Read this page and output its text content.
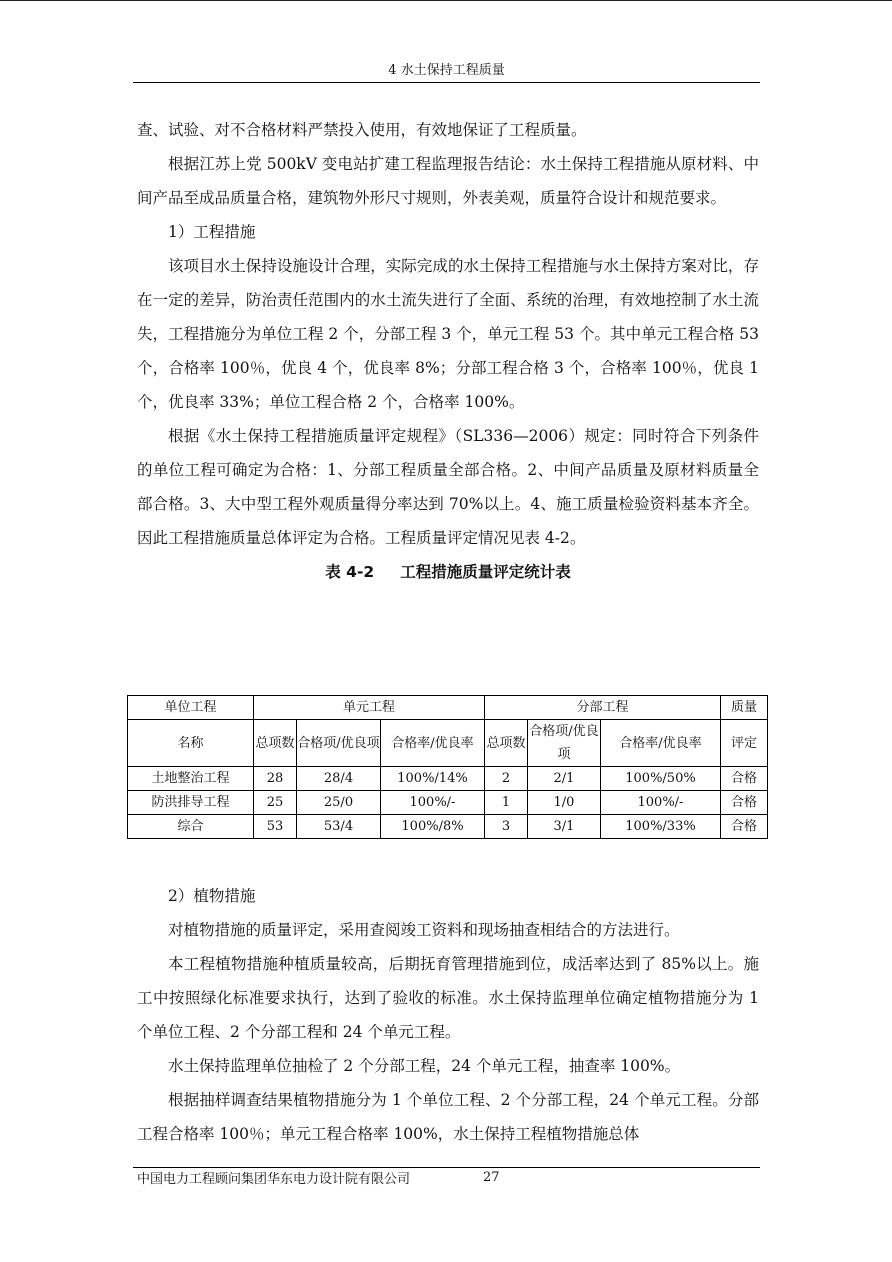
4 水土保持工程质量

查、试验、对不合格材料严禁投入使用，有效地保证了工程质量。

根据江苏上党 500kV 变电站扩建工程监理报告结论：水土保持工程措施从原材料、中间产品至成品质量合格，建筑物外形尺寸规则，外表美观，质量符合设计和规范要求。

1）工程措施

该项目水土保持设施设计合理，实际完成的水土保持工程措施与水土保持方案对比，存在一定的差异，防治责任范围内的水土流失进行了全面、系统的治理，有效地控制了水土流失，工程措施分为单位工程 2 个，分部工程 3 个，单元工程 53 个。其中单元工程合格 53 个，合格率 100％，优良 4 个，优良率 8%；分部工程合格 3 个，合格率 100％，优良 1 个，优良率 33%；单位工程合格 2 个，合格率 100%。

根据《水土保持工程措施质量评定规程》（SL336—2006）规定：同时符合下列条件的单位工程可确定为合格：1、分部工程质量全部合格。2、中间产品质量及原材料质量全部合格。3、大中型工程外观质量得分率达到 70%以上。4、施工质量检验资料基本齐全。因此工程措施质量总体评定为合格。工程质量评定情况见表 4-2。

表 4-2 工程措施质量评定统计表
单位工程	单元工程			分部工程			质量
名称	总项数	合格项/优良项	合格率/优良率	总项数	合格项/优良项	合格率/优良率	评定
土地整治工程	28	28/4	100%/14%	2	2/1	100%/50%	合格
防洪排导工程	25	25/0	100%/-	1	1/0	100%/-	合格
综合	53	53/4	100%/8%	3	3/1	100%/33%	合格

2）植物措施

对植物措施的质量评定，采用查阅竣工资料和现场抽查相结合的方法进行。

本工程植物措施种植质量较高，后期抚育管理措施到位，成活率达到了 85%以上。施工中按照绿化标准要求执行，达到了验收的标准。水土保持监理单位确定植物措施分为 1 个单位工程、2 个分部工程和 24 个单元工程。

水土保持监理单位抽检了 2 个分部工程，24 个单元工程，抽查率 100%。

根据抽样调查结果植物措施分为 1 个单位工程、2 个分部工程，24 个单元工程。分部工程合格率 100％；单元工程合格率 100%，水土保持工程植物措施总体

中国电力工程顾问集团华东电力设计院有限公司	27
